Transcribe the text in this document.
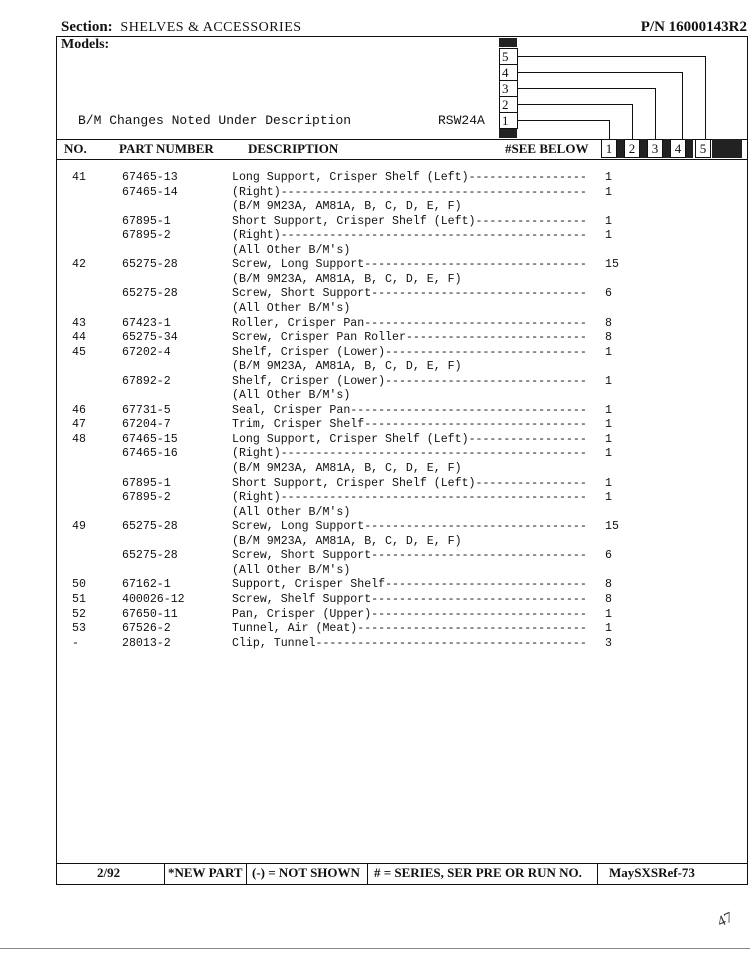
Section: SHELVES & ACCESSORIES	P/N 16000143R2
Models:
B/M Changes Noted Under Description	RSW24A
5
4
3
2
1
NO. PART NUMBER	DESCRIPTION	#SEE BELOW	1	2	3	4	5
41	67465-13	Long Support, Crisper Shelf (Left)----------------- 1
67465-14	(Right)-------------------------------------------- 1
(B/M 9M23A, AM81A, B, C, D, E, F)
67895-1	Short Support, Crisper Shelf (Left)---------------- 1
67895-2	(Right)-------------------------------------------- 1
(All Other B/M's)
42	65275-28	Screw, Long Support-------------------------------- 15
(B/M 9M23A, AM81A, B, C, D, E, F)
65275-28	Screw, Short Support------------------------------- 6
(All Other B/M's)
43	67423-1	Roller, Crisper Pan-------------------------------- 8
44	65275-34	Screw, Crisper Pan Roller-------------------------- 8
45	67202-4	Shelf, Crisper (Lower)----------------------------- 1
(B/M 9M23A, AM81A, B, C, D, E, F)
67892-2	Shelf, Crisper (Lower)----------------------------- 1
(All Other B/M's)
46	67731-5	Seal, Crisper Pan---------------------------------- 1
47	67204-7	Trim, Crisper Shelf-------------------------------- 1
48	67465-15	Long Support, Crisper Shelf (Left)----------------- 1
67465-16	(Right)-------------------------------------------- 1
(B/M 9M23A, AM81A, B, C, D, E, F)
67895-1	Short Support, Crisper Shelf (Left)---------------- 1
67895-2	(Right)-------------------------------------------- 1
(All Other B/M's)
49	65275-28	Screw, Long Support-------------------------------- 15
(B/M 9M23A, AM81A, B, C, D, E, F)
65275-28	Screw, Short Support------------------------------- 6
(All Other B/M's)
50	67162-1	Support, Crisper Shelf----------------------------- 8
51	400026-12	Screw, Shelf Support------------------------------- 8
52	67650-11	Pan, Crisper (Upper)------------------------------- 1
53	67526-2	Tunnel, Air (Meat)--------------------------------- 1
-	28013-2	Clip, Tunnel--------------------------------------- 3
2/92	*NEW PART (-) = NOT SHOWN # = SERIES, SER PRE OR RUN NO. MaySXSRef-73
47
